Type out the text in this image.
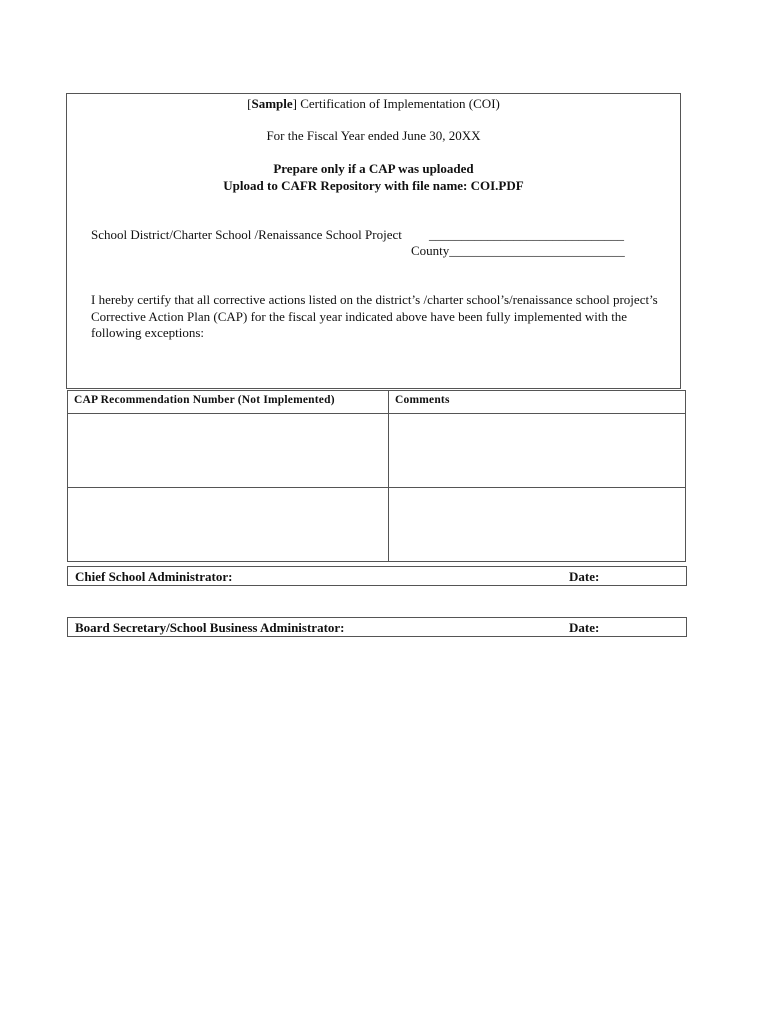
[Sample] Certification of Implementation (COI)
For the Fiscal Year ended June 30, 20XX
Prepare only if a CAP was uploaded
Upload to CAFR Repository with file name: COI.PDF
School District/Charter School /Renaissance School Project ______________________________
County___________________________
I hereby certify that all corrective actions listed on the district’s /charter school’s/renaissance school project’s Corrective Action Plan (CAP) for the fiscal year indicated above have been fully implemented with the following exceptions:
CAP Recommendation Number (Not Implemented)	Comments

Chief School Administrator:	Date:
Board Secretary/School Business Administrator:	Date:
